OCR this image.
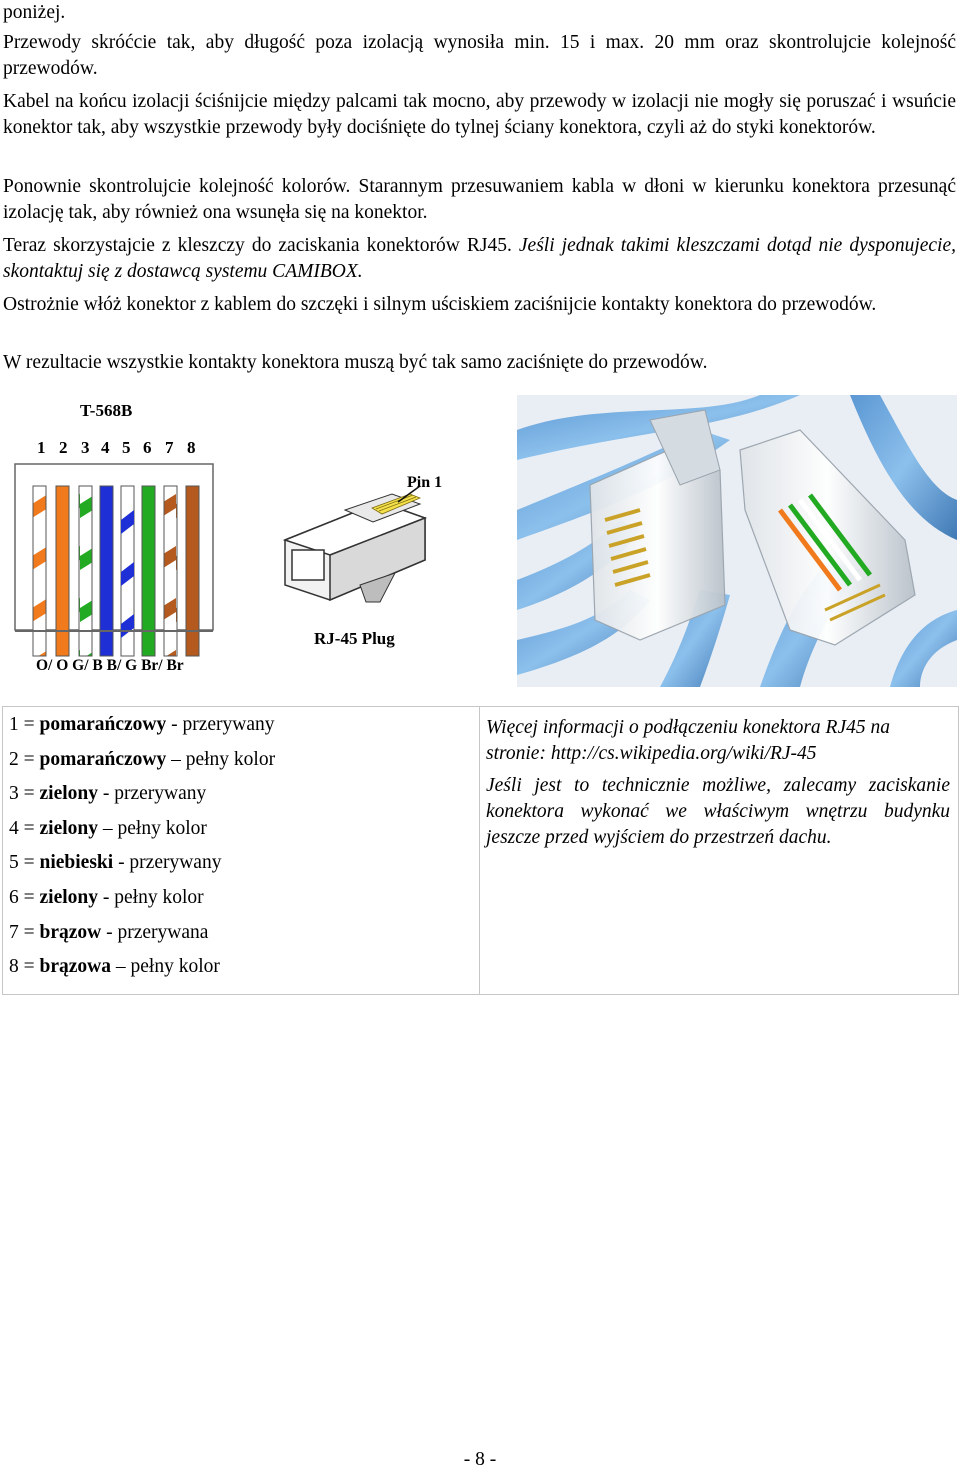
poniżej.

Przewody skróćcie tak, aby długość poza izolacją wynosiła min. 15 i max. 20 mm oraz skontrolujcie kolejność przewodów.

Kabel na końcu izolacji ściśnijcie między palcami tak mocno, aby przewody w izolacji nie mogły się poruszać i wsuńcie konektor tak, aby wszystkie przewody były dociśnięte do tylnej ściany konektora, czyli aż do styki konektorów.

Ponownie skontrolujcie kolejność kolorów. Starannym przesuwaniem kabla w dłoni w kierunku konektora przesunąć izolację tak, aby również ona wsunęła się na konektor.

Teraz skorzystajcie z kleszczy do zaciskania konektorów RJ45. Jeśli jednak takimi kleszczami dotąd nie dysponujecie, skontaktuj się z dostawcą systemu CAMIBOX.

Ostrożnie włóż konektor z kablem do szczęki i silnym uściskiem zaciśnijcie kontakty konektora do przewodów.

W rezultacie wszystkie kontakty konektora muszą być tak samo zaciśnięte do przewodów.

T-568B
1 2 3 4 5 6 7 8
O/ O G/ B B/ G Br/ Br
Pin 1
RJ-45 Plug

1 = pomarańczowy - przerywany

2 = pomarańczowy – pełny kolor

3 = zielony - przerywany

4 = zielony – pełny kolor

5 = niebieski - przerywany

6 = zielony - pełny kolor

7 = brązow - przerywana

8 = brązowa – pełny kolor

Więcej informacji o podłączeniu konektora RJ45 na stronie: http://cs.wikipedia.org/wiki/RJ-45

Jeśli jest to technicznie możliwe, zalecamy zaciskanie konektora wykonać we właściwym wnętrzu budynku jeszcze przed wyjściem do przestrzeń dachu.

- 8 -
